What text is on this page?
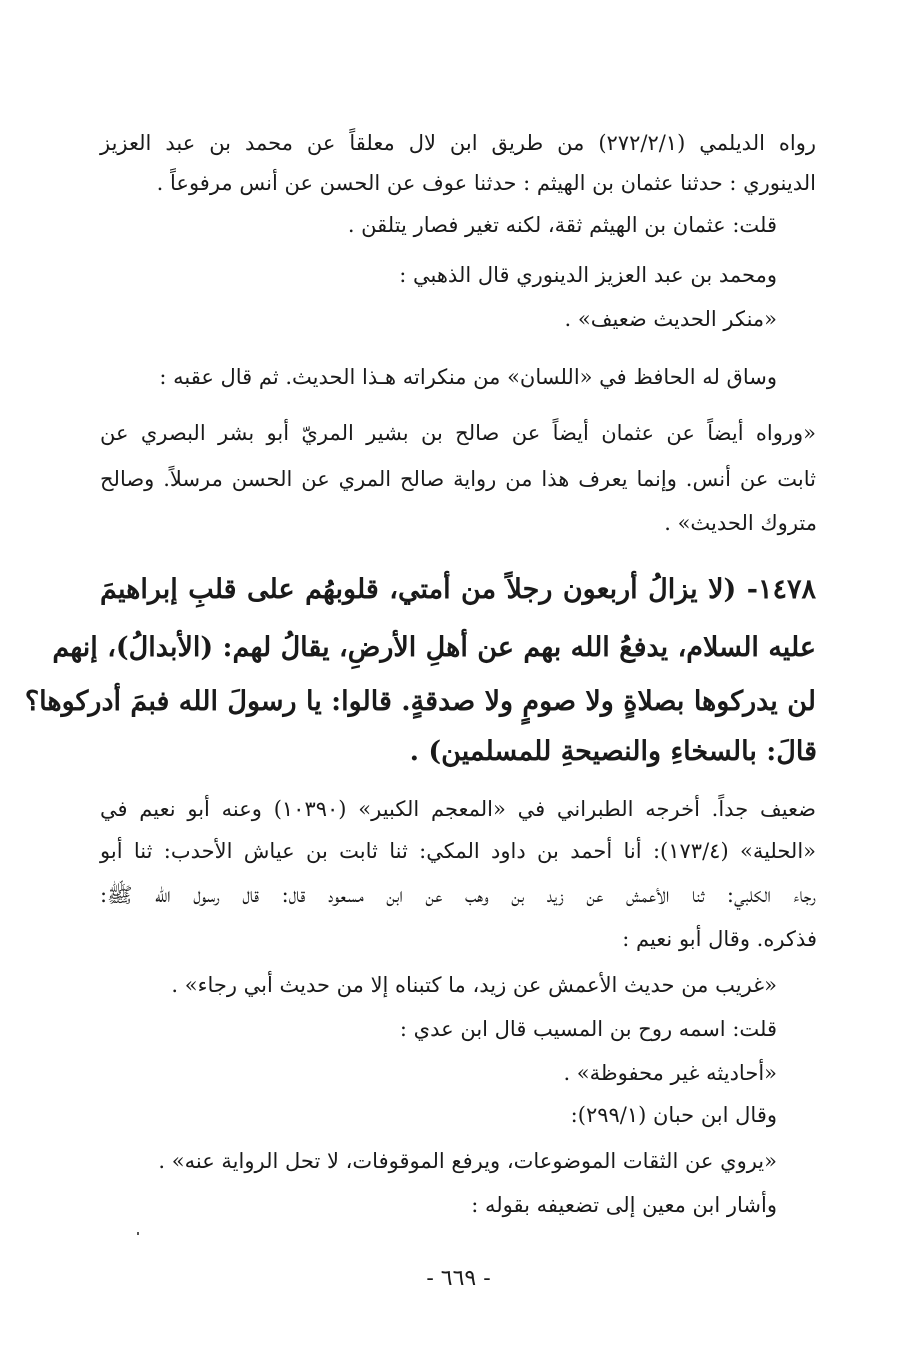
رواه الديلمي (٢٧٢/٢/١) من طريق ابن لال معلقاً عن محمد بن عبد العزيز

الدينوري : حدثنا عثمان بن الهيثم : حدثنا عوف عن الحسن عن أنس مرفوعاً .

قلت: عثمان بن الهيثم ثقة، لكنه تغير فصار يتلقن .

ومحمد بن عبد العزيز الدينوري قال الذهبي :

«منكر الحديث ضعيف» .

وساق له الحافظ في «اللسان» من منكراته هـذا الحديث. ثم قال عقبه :

«ورواه أيضاً عن عثمان أيضاً عن صالح بن بشير المريّ أبو بشر البصري عن

ثابت عن أنس. وإنما يعرف هذا من رواية صالح المري عن الحسن مرسلاً. وصالح

متروك الحديث» .

١٤٧٨- (لا يزالُ أربعون رجلاً من أمتي، قلوبهُم على قلبِ إبراهيمَ

عليه السلام، يدفعُ الله بهم عن أهلِ الأرضِ، يقالُ لهم: (الأبدالُ)، إنهم

لن يدركوها بصلاةٍ ولا صومٍ ولا صدقةٍ. قالوا: يا رسولَ الله فبمَ أدركوها؟

قالَ: بالسخاءِ والنصيحةِ للمسلمين) .

ضعيف جداً. أخرجه الطبراني في «المعجم الكبير» (١٠٣٩٠) وعنه أبو نعيم في

«الحلية» (١٧٣/٤): أنا أحمد بن داود المكي: ثنا ثابت بن عياش الأحدب: ثنا أبو

رجاء الكلبي: ثنا الأعمش عن زيد بن وهب عن ابن مسعود قال: قال رسول الله ﷺ:

فذكره. وقال أبو نعيم :

«غريب من حديث الأعمش عن زيد، ما كتبناه إلا من حديث أبي رجاء» .

قلت: اسمه روح بن المسيب قال ابن عدي :

«أحاديثه غير محفوظة» .

وقال ابن حبان (٢٩٩/١):

«يروي عن الثقات الموضوعات، ويرفع الموقوفات، لا تحل الرواية عنه» .

وأشار ابن معين إلى تضعيفه بقوله :

- ٦٦٩ -
